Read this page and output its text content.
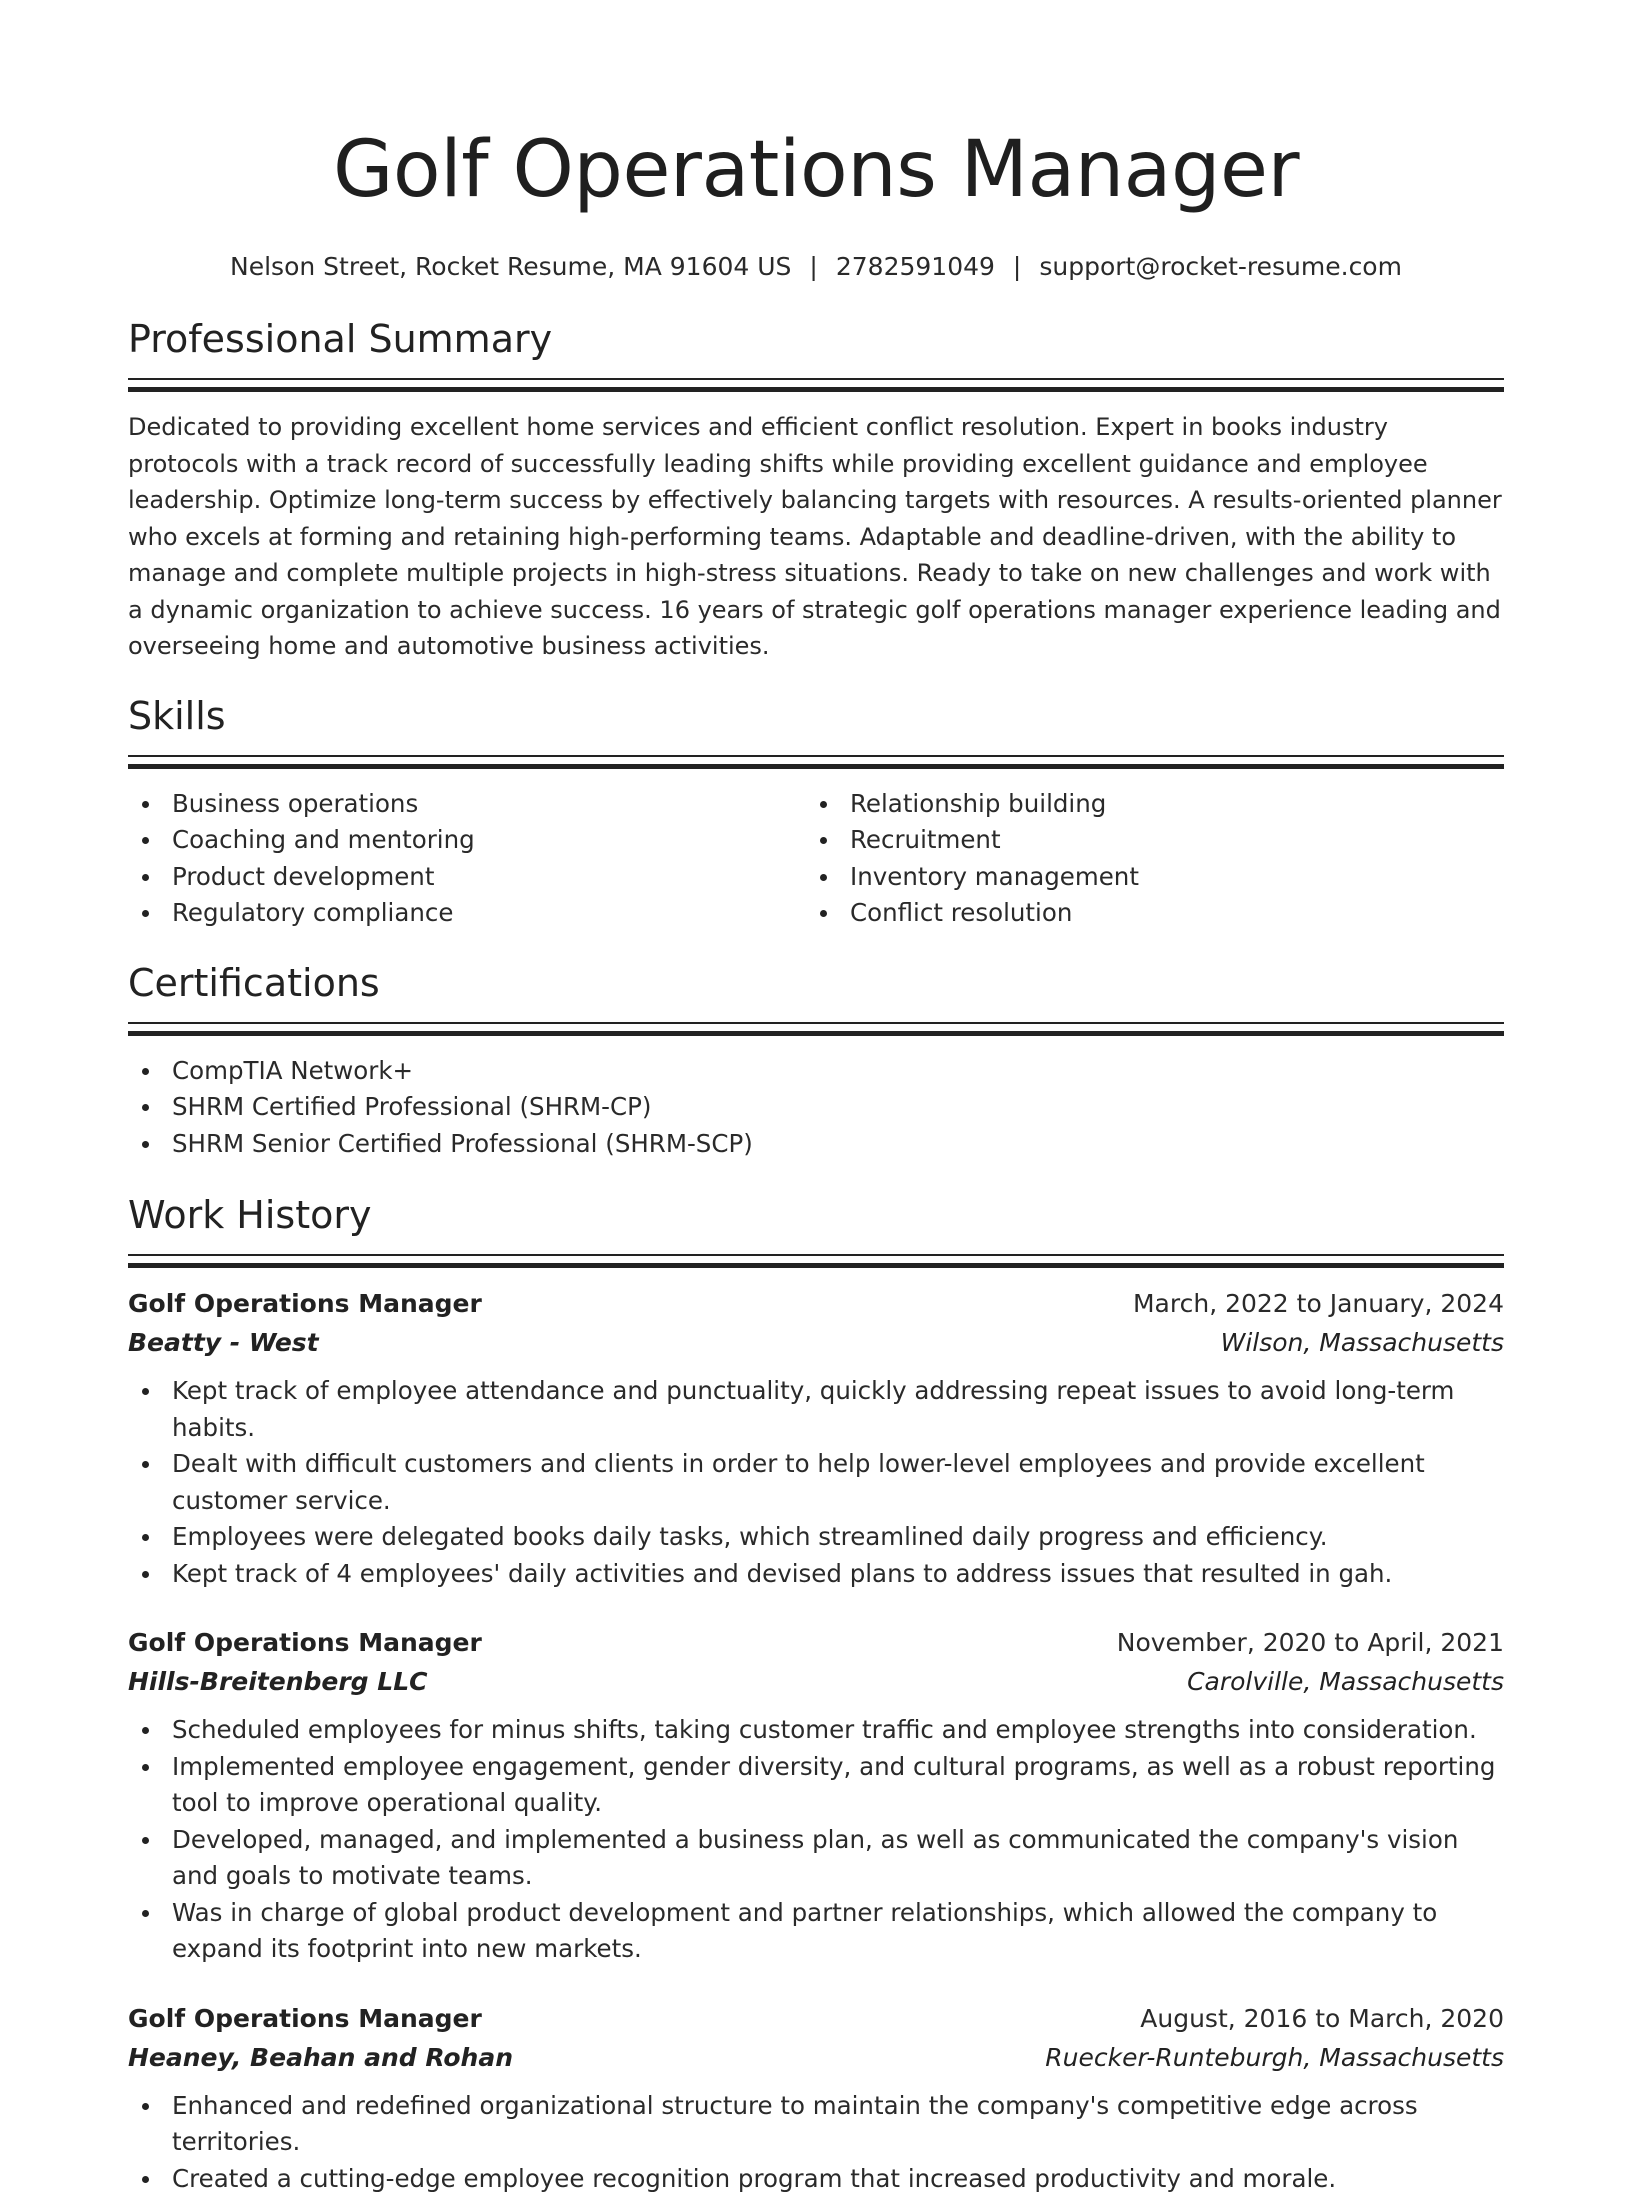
Golf Operations Manager
Nelson Street, Rocket Resume, MA 91604 US | 2782591049 | support@rocket-resume.com
Professional Summary

Dedicated to providing excellent home services and efficient conflict resolution. Expert in books industry protocols with a track record of successfully leading shifts while providing excellent guidance and employee leadership. Optimize long-term success by effectively balancing targets with resources. A results-oriented planner who excels at forming and retaining high-performing teams. Adaptable and deadline-driven, with the ability to manage and complete multiple projects in high-stress situations. Ready to take on new challenges and work with a dynamic organization to achieve success. 16 years of strategic golf operations manager experience leading and overseeing home and automotive business activities.

Skills
Business operations
Coaching and mentoring
Product development
Regulatory compliance
Relationship building
Recruitment
Inventory management
Conflict resolution
Certifications
CompTIA Network+
SHRM Certified Professional (SHRM-CP)
SHRM Senior Certified Professional (SHRM-SCP)
Work History
Golf Operations Manager	March, 2022 to January, 2024
Beatty - West	Wilson, Massachusetts
Kept track of employee attendance and punctuality, quickly addressing repeat issues to avoid long-term habits.
Dealt with difficult customers and clients in order to help lower-level employees and provide excellent customer service.
Employees were delegated books daily tasks, which streamlined daily progress and efficiency.
Kept track of 4 employees' daily activities and devised plans to address issues that resulted in gah.
Golf Operations Manager	November, 2020 to April, 2021
Hills-Breitenberg LLC	Carolville, Massachusetts
Scheduled employees for minus shifts, taking customer traffic and employee strengths into consideration.
Implemented employee engagement, gender diversity, and cultural programs, as well as a robust reporting tool to improve operational quality.
Developed, managed, and implemented a business plan, as well as communicated the company's vision and goals to motivate teams.
Was in charge of global product development and partner relationships, which allowed the company to expand its footprint into new markets.
Golf Operations Manager	August, 2016 to March, 2020
Heaney, Beahan and Rohan	Ruecker-Runteburgh, Massachusetts
Enhanced and redefined organizational structure to maintain the company's competitive edge across territories.
Created a cutting-edge employee recognition program that increased productivity and morale.
